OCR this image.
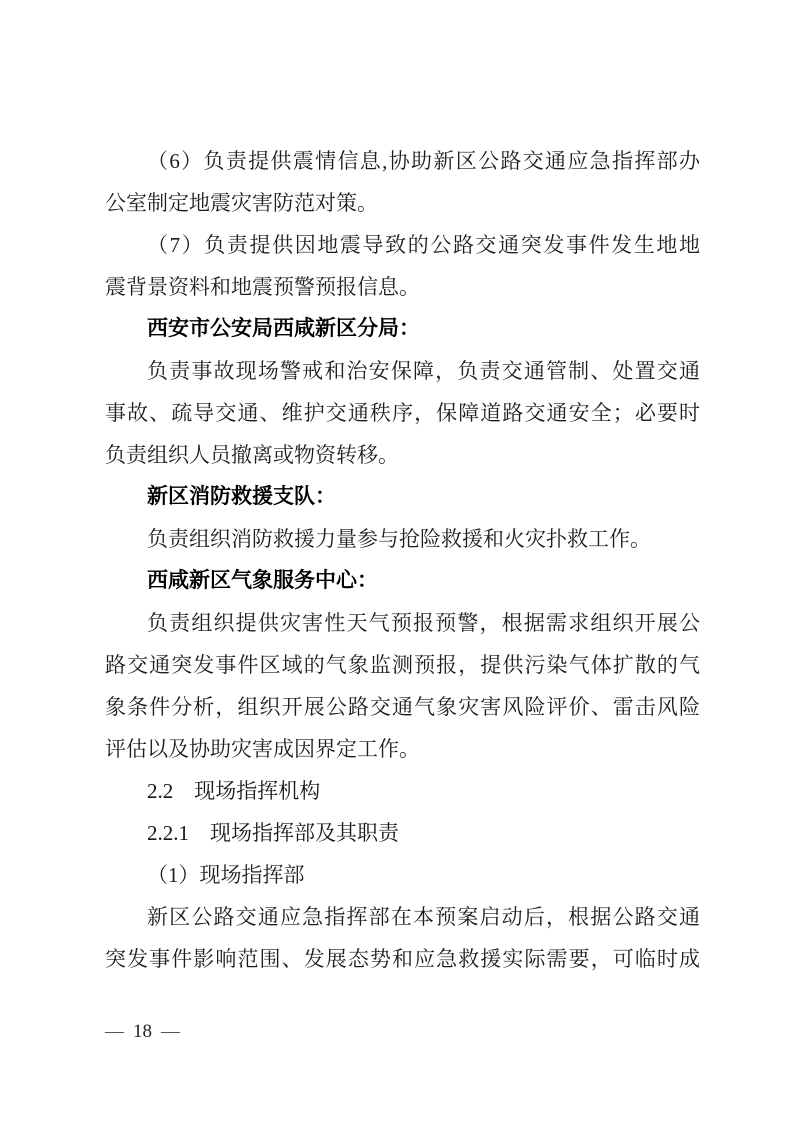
（6）负责提供震情信息,协助新区公路交通应急指挥部办
公室制定地震灾害防范对策。
（7）负责提供因地震导致的公路交通突发事件发生地地
震背景资料和地震预警预报信息。
西安市公安局西咸新区分局：
负责事故现场警戒和治安保障，负责交通管制、处置交通
事故、疏导交通、维护交通秩序，保障道路交通安全；必要时
负责组织人员撤离或物资转移。
新区消防救援支队：
负责组织消防救援力量参与抢险救援和火灾扑救工作。
西咸新区气象服务中心：
负责组织提供灾害性天气预报预警，根据需求组织开展公
路交通突发事件区域的气象监测预报，提供污染气体扩散的气
象条件分析，组织开展公路交通气象灾害风险评价、雷击风险
评估以及协助灾害成因界定工作。
2.2　现场指挥机构
2.2.1　现场指挥部及其职责
（1）现场指挥部
新区公路交通应急指挥部在本预案启动后，根据公路交通
突发事件影响范围、发展态势和应急救援实际需要，可临时成
— 18 —
